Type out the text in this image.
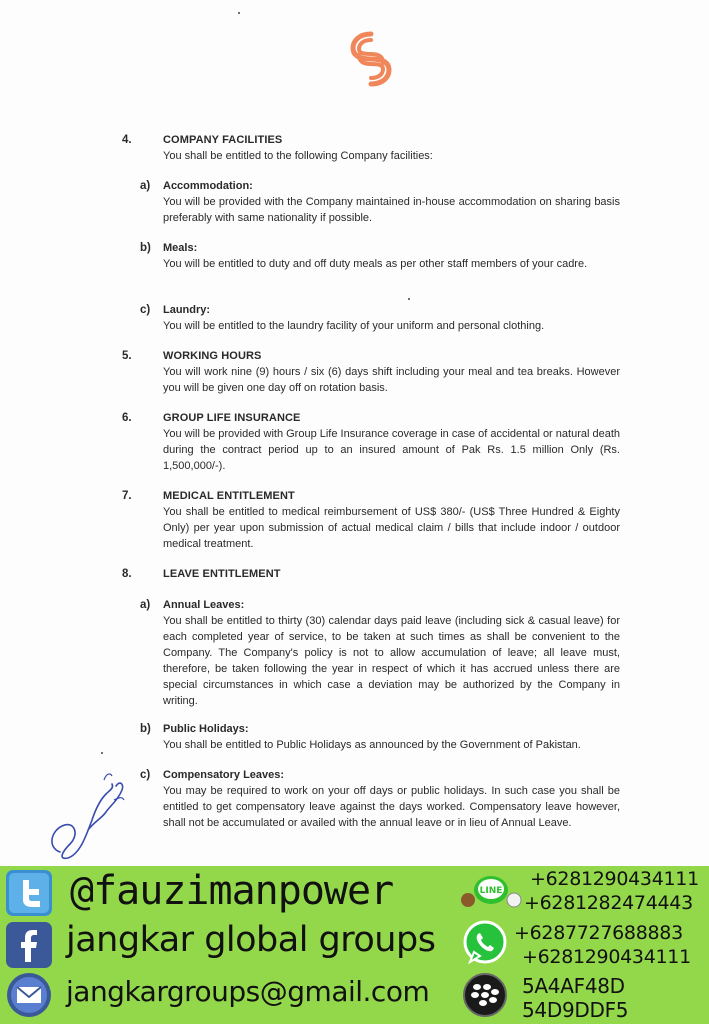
4.	COMPANY FACILITIES
You shall be entitled to the following Company facilities:
a) Accommodation:
You will be provided with the Company maintained in-house accommodation on sharing basis preferably with same nationality if possible.
b) Meals:
You will be entitled to duty and off duty meals as per other staff members of your cadre.
c) Laundry:
You will be entitled to the laundry facility of your uniform and personal clothing.
5.	WORKING HOURS
You will work nine (9) hours / six (6) days shift including your meal and tea breaks. However you will be given one day off on rotation basis.
6.	GROUP LIFE INSURANCE
You will be provided with Group Life Insurance coverage in case of accidental or natural death during the contract period up to an insured amount of Pak Rs. 1.5 million Only (Rs. 1,500,000/-).
7.	MEDICAL ENTITLEMENT
You shall be entitled to medical reimbursement of US$ 380/- (US$ Three Hundred & Eighty Only) per year upon submission of actual medical claim / bills that include indoor / outdoor medical treatment.
8.	LEAVE ENTITLEMENT
a) Annual Leaves:
You shall be entitled to thirty (30) calendar days paid leave (including sick & casual leave) for each completed year of service, to be taken at such times as shall be convenient to the Company. The Company's policy is not to allow accumulation of leave; all leave must, therefore, be taken following the year in respect of which it has accrued unless there are special circumstances in which case a deviation may be authorized by the Company in writing.
b) Public Holidays:
You shall be entitled to Public Holidays as announced by the Government of Pakistan.
c) Compensatory Leaves:
You may be required to work on your off days or public holidays. In such case you shall be entitled to get compensatory leave against the days worked. Compensatory leave however, shall not be accumulated or availed with the annual leave or in lieu of Annual Leave.
@fauzimanpower
jangkar global groups
jangkargroups@gmail.com
LINE
+6281290434111
+6281282474443
+6287727688883
+6281290434111
5A4AF48D
54D9DDF5
